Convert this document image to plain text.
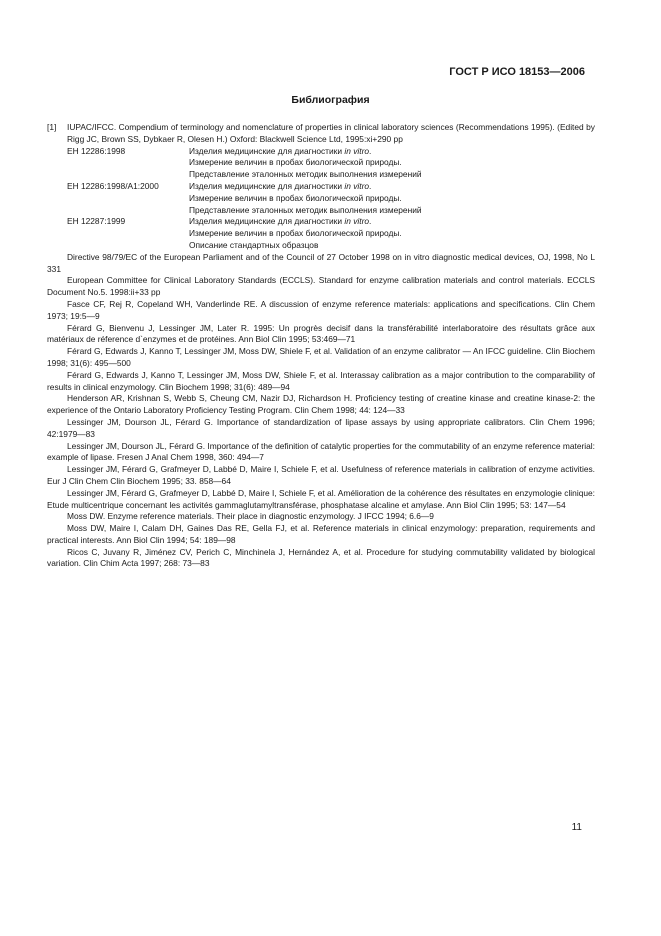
ГОСТ Р ИСО 18153—2006
Библиография
[1]	IUPAC/IFCC. Compendium of terminology and nomenclature of properties in clinical laboratory sciences (Recommendations 1995). (Edited by Rigg JC, Brown SS, Dybkaer R, Olesen H.) Oxford: Blackwell Science Ltd, 1995:xi+290 pp
EH 12286:1998	Изделия медицинские для диагностики in vitro.
Измерение величин в пробах биологической природы.
Представление эталонных методик выполнения измерений
EH 12286:1998/A1:2000	Изделия медицинские для диагностики in vitro.
Измерение величин в пробах биологической природы.
Представление эталонных методик выполнения измерений
EH 12287:1999	Изделия медицинские для диагностики in vitro.
Измерение величин в пробах биологической природы.
Описание стандартных образцов

Directive 98/79/EC of the European Parliament and of the Council of 27 October 1998 on in vitro diagnostic medical devices, OJ, 1998, No L 331

European Committee for Clinical Laboratory Standards (ECCLS). Standard for enzyme calibration materials and control materials. ECCLS Document No.5. 1998:ii+33 pp

Fasce CF, Rej R, Copeland WH, Vanderlinde RE. A discussion of enzyme reference materials: applications and specifications. Clin Chem 1973; 19:5—9

Férard G, Bienvenu J, Lessinger JM, Later R. 1995: Un progrès decisif dans la transférabilité interlaboratoire des résultats grâce aux matériaux de réference d`enzymes et de protéines. Ann Biol Clin 1995; 53:469—71

Férard G, Edwards J, Kanno T, Lessinger JM, Moss DW, Shiele F, et al. Validation of an enzyme calibrator — An IFCC guideline. Clin Biochem 1998; 31(6): 495—500

Férard G, Edwards J, Kanno T, Lessinger JM, Moss DW, Shiele F, et al. Interassay calibration as a major contribution to the comparability of results in clinical enzymology. Clin Biochem 1998; 31(6): 489—94

Henderson AR, Krishnan S, Webb S, Cheung CM, Nazir DJ, Richardson H. Proficiency testing of creatine kinase and creatine kinase-2: the experience of the Ontario Laboratory Proficiency Testing Program. Clin Chem 1998; 44: 124—33

Lessinger JM, Dourson JL, Férard G. Importance of standardization of lipase assays by using appropriate calibrators. Clin Chem 1996; 42:1979—83

Lessinger JM, Dourson JL, Férard G. Importance of the definition of catalytic properties for the commutability of an enzyme reference material: example of lipase. Fresen J Anal Chem 1998, 360: 494—7

Lessinger JM, Férard G, Grafmeyer D, Labbé D, Maire I, Schiele F, et al. Usefulness of reference materials in calibration of enzyme activities. Eur J Clin Chem Clin Biochem 1995; 33. 858—64

Lessinger JM, Férard G, Grafmeyer D, Labbé D, Maire I, Schiele F, et al. Amélioration de la cohérence des résultates en enzymologie clinique: Etude multicentrique concernant les activités gammaglutamyltransférase, phosphatase alcaline et amylase. Ann Biol Clin 1995; 53: 147—54

Moss DW. Enzyme reference materials. Their place in diagnostic enzymology. J IFCC 1994; 6.6—9

Moss DW, Maire I, Calam DH, Gaines Das RE, Gella FJ, et al. Reference materials in clinical enzymology: preparation, requirements and practical interests. Ann Biol Clin 1994; 54: 189—98

Ricos C, Juvany R, Jiménez CV, Perich C, Minchinela J, Hernández A, et al. Procedure for studying commutability validated by biological variation. Clin Chim Acta 1997; 268: 73—83

11
